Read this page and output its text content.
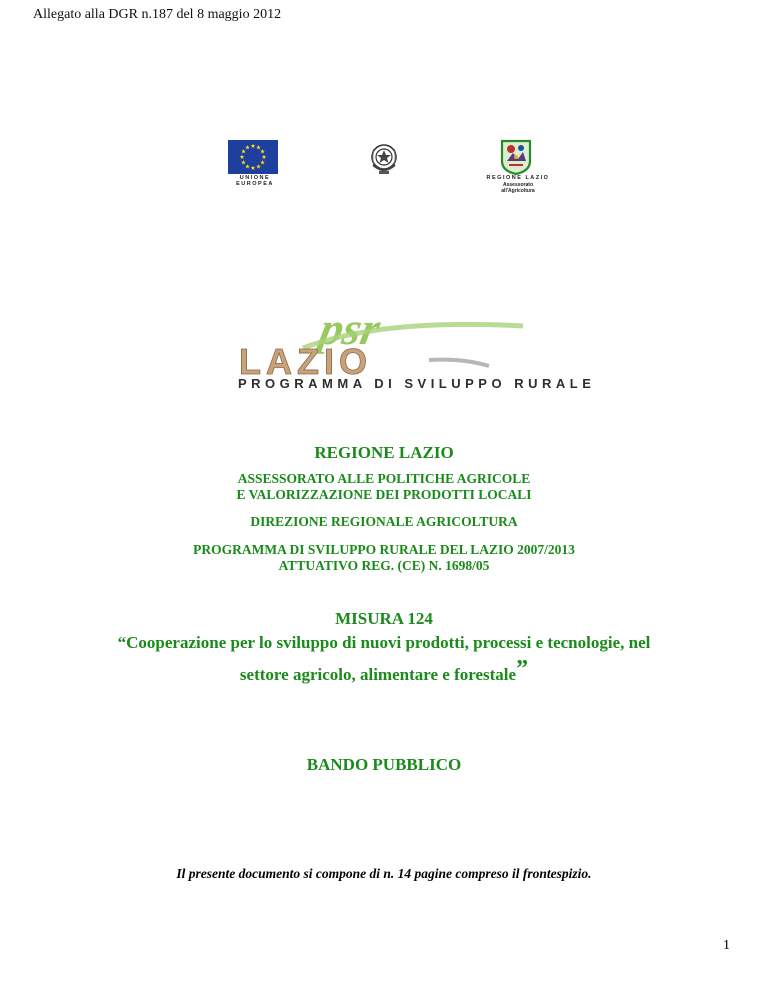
Allegato alla DGR n.187 del 8 maggio 2012
UNIONE EUROPEA
REGIONE LAZIO
Assessorato
all'Agricoltura
psr
LAZIO
PROGRAMMA DI SVILUPPO RURALE
REGIONE LAZIO
ASSESSORATO ALLE POLITICHE AGRICOLE
E VALORIZZAZIONE DEI PRODOTTI LOCALI
DIREZIONE REGIONALE AGRICOLTURA
PROGRAMMA DI SVILUPPO RURALE DEL LAZIO 2007/2013
ATTUATIVO REG. (CE) N. 1698/05
MISURA 124
“Cooperazione per lo sviluppo di nuovi prodotti, processi e tecnologie, nel
settore agricolo, alimentare e forestale”
BANDO PUBBLICO
Il presente documento si compone di n. 14 pagine compreso il frontespizio.
1
